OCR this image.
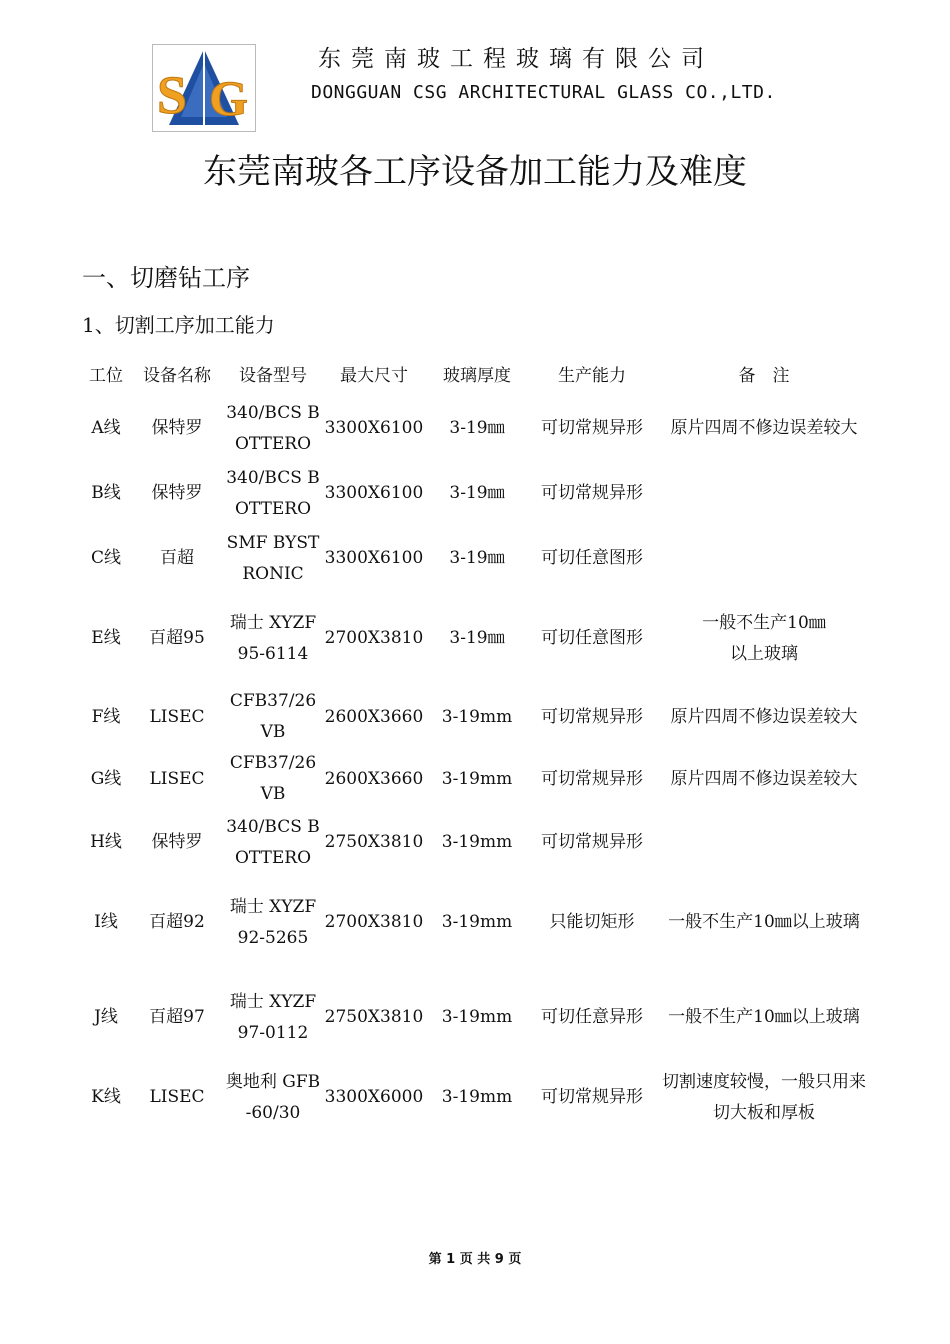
S G
东莞南玻工程玻璃有限公司
DONGGUAN CSG ARCHITECTURAL GLASS CO.,LTD.
东莞南玻各工序设备加工能力及难度
一、切磨钻工序
1、切割工序加工能力
工位	设备名称	设备型号	最大尺寸	玻璃厚度	生产能力	备　注
A线	保特罗	340/BCS BOTTERO	3300X6100	3-19㎜	可切常规异形	原片四周不修边误差较大
B线	保特罗	340/BCS BOTTERO	3300X6100	3-19㎜	可切常规异形	
C线	百超	SMF BYSTRONIC	3300X6100	3-19㎜	可切任意图形	
E线	百超95	瑞士 XYZF95-6114	2700X3810	3-19㎜	可切任意图形	一般不生产10㎜以上玻璃
F线	LISEC	CFB37/26VB	2600X3660	3-19mm	可切常规异形	原片四周不修边误差较大
G线	LISEC	CFB37/26VB	2600X3660	3-19mm	可切常规异形	原片四周不修边误差较大
H线	保特罗	340/BCS BOTTERO	2750X3810	3-19mm	可切常规异形	
I线	百超92	瑞士 XYZF92-5265	2700X3810	3-19mm	只能切矩形	一般不生产10㎜以上玻璃
J线	百超97	瑞士 XYZF97-0112	2750X3810	3-19mm	可切任意异形	一般不生产10㎜以上玻璃
K线	LISEC	奥地利 GFB-60/30	3300X6000	3-19mm	可切常规异形	切割速度较慢，一般只用来切大板和厚板
第 1 页 共 9 页
